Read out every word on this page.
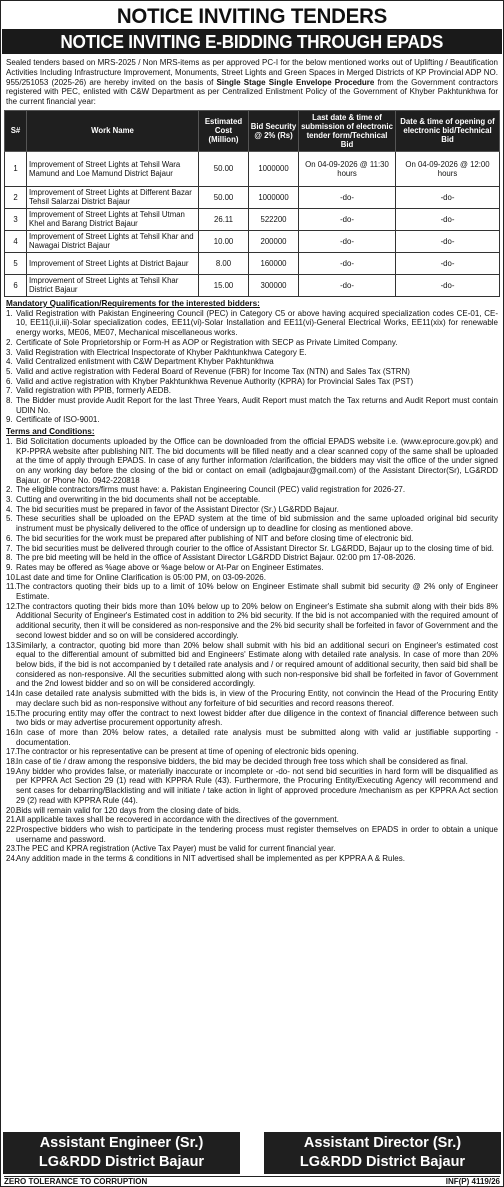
NOTICE INVITING TENDERS
NOTICE INVITING E-BIDDING THROUGH EPADS

Sealed tenders based on MRS-2025 / Non MRS-items as per approved PC-I for the below mentioned works out of Uplifting / Beautification Activities Including Infrastructure Improvement, Monuments, Street Lights and Green Spaces in Merged Districts of KP Provincial ADP NO. 955/251053 (2025-26) are hereby invited on the basis of Single Stage Single Envelope Procedure from the Government contractors registered with PEC, enlisted with C&W Department as per Centralized Enlistment Policy of the Government of Khyber Pakhtunkhwa for the current financial year:

S#	Work Name	Estimated Cost (Million)	Bid Security @ 2% (Rs)	Last date & time of submission of electronic tender form/Technical Bid	Date & time of opening of electronic bid/Technical Bid
1	Improvement of Street Lights at Tehsil Wara Mamund and Loe Mamund District Bajaur	50.00	1000000	On 04-09-2026 @ 11:30 hours	On 04-09-2026 @ 12:00 hours
2	Improvement of Street Lights at Different Bazar Tehsil Salarzai District Bajaur	50.00	1000000	-do-	-do-
3	Improvement of Street Lights at Tehsil Utman Khel and Barang District Bajaur	26.11	522200	-do-	-do-
4	Improvement of Street Lights at Tehsil Khar and Nawagai District Bajaur	10.00	200000	-do-	-do-
5	Improvement of Street Lights at District Bajaur	8.00	160000	-do-	-do-
6	Improvement of Street Lights at Tehsil Khar District Bajaur	15.00	300000	-do-	-do-
Mandatory Qualification/Requirements for the interested bidders:
1. Valid Registration with Pakistan Engineering Council (PEC) in Category C5 or above having acquired specialization codes CE-01, CE-10, EE11(i,ii,iii)-Solar specialization codes, EE11(vi)-Solar Installation and EE11(vi)-General Electrical Works, EE11(xix) for renewable energy works, ME06, ME07, Mechanical miscellaneous works.
2. Certificate of Sole Proprietorship or Form-H as AOP or Registration with SECP as Private Limited Company.
3. Valid Registration with Electrical Inspectorate of Khyber Pakhtunkhwa Category E.
4. Valid Centralized enlistment with C&W Department Khyber Pakhtunkhwa
5. Valid and active registration with Federal Board of Revenue (FBR) for Income Tax (NTN) and Sales Tax (STRN)
6. Valid and active registration with Khyber Pakhtunkhwa Revenue Authority (KPRA) for Provincial Sales Tax (PST)
7. Valid registration with PPIB, formerly AEDB.
8. The Bidder must provide Audit Report for the last Three Years, Audit Report must match the Tax returns and Audit Report must contain UDIN No.
9. Certificate of ISO-9001.
Terms and Conditions:
1. Bid Solicitation documents uploaded by the Office can be downloaded from the official EPADS website i.e. (www.eprocure.gov.pk) and KP-PPRA website after publishing NIT. The bid documents will be filled neatly and a clear scanned copy of the same shall be uploaded at the time of apply through EPADS. In case of any further information /clarification, the bidders may visit the office of the under signed on any working day before the closing of the bid or contact on email (adlgbajaur@gmail.com) of the Assistant Director(Sr), LG&RDD Bajaur. or Phone No. 0942-220818
2. The eligible contractors/firms must have: a. Pakistan Engineering Council (PEC) valid registration for 2026-27.
3. Cutting and overwriting in the bid documents shall not be acceptable.
4. The bid securities must be prepared in favor of the Assistant Director (Sr.) LG&RDD Bajaur.
5. These securities shall be uploaded on the EPAD system at the time of bid submission and the same uploaded original bid security instrument must be physically delivered to the office of undersign up to deadline for closing as mentioned above.
6. The bid securities for the work must be prepared after publishing of NIT and before closing time of electronic bid.
7. The bid securities must be delivered through courier to the office of Assistant Director Sr. LG&RDD, Bajaur up to the closing time of bid.
8. The pre bid meeting will be held in the office of Assistant Director LG&RDD District Bajaur. 02:00 pm 17-08-2026.
9. Rates may be offered as %age above or %age below or At-Par on Engineer Estimates.
10.
Last date and time for Online Clarification is 05:00 PM, on 03-09-2026.
11. The contractors quoting their bids up to a limit of 10% below on Engineer Estimate shall submit bid security @ 2% only of Engineer Estimate.
12.
The contractors quoting their bids more than 10% below up to 20% below on Engineer's Estimate sha submit along with their bids 8% Additional Security of Engineer's Estimated cost in addition to 2% bid security. If the bid is not accompanied with the required amount of additional security, then it will be considered as non-responsive and the 2% bid security shall be forfeited in favor of Government and the second lowest bidder and so on will be considered accordingly.
13.
Similarly, a contractor, quoting bid more than 20% below shall submit with his bid an additional securi on Engineer's estimated cost equal to the differential amount of submitted bid and Engineers' Estimate along with detailed rate analysis. In case of more than 20% below bids, if the bid is not accompanied by t detailed rate analysis and / or required amount of additional security, then said bid shall be considered as non-responsive. All the securities submitted along with such non-responsive bid shall be forfeited in favor of Government and the 2nd lowest bidder and so on will be considered accordingly.
14.
In case detailed rate analysis submitted with the bids is, in view of the Procuring Entity, not convincin the Head of the Procuring Entity may declare such bid as non-responsive without any forfeiture of bid securities and record reasons thereof.
15.
The procuring entity may offer the contract to next lowest bidder after due diligence in the context of financial difference between such two bids or may advertise procurement opportunity afresh.
16.
In case of more than 20% below rates, a detailed rate analysis must be submitted along with valid ar justifiable supporting - documentation.
17.
The contractor or his representative can be present at time of opening of electronic bids opening.
18.
In case of tie / draw among the responsive bidders, the bid may be decided through free toss which shall be considered as final.
19.
Any bidder who provides false, or materially inaccurate or incomplete or -do- not send bid securities in hard form will be disqualified as per KPPRA Act Section 29 (1) read with KPPRA Rule (43). Furthermore, the Procuring Entity/Executing Agency will recommend and sent cases for debarring/Blacklisting and will initiate / take action in light of approved procedure /mechanism as per KPPRA Act section 29 (2) read with KPPRA Rule (44).
20.
Bids will remain valid for 120 days from the closing date of bids.
21.
All applicable taxes shall be recovered in accordance with the directives of the government.
22.
Prospective bidders who wish to participate in the tendering process must register themselves on EPADS in order to obtain a unique username and password.
23.
The PEC and KPRA registration (Active Tax Payer) must be valid for current financial year.
24.
Any addition made in the terms & conditions in NIT advertised shall be implemented as per KPPRA A & Rules.
Assistant Engineer (Sr.)
LG&RDD District Bajaur
Assistant Director (Sr.)
LG&RDD District Bajaur
ZERO TOLERANCE TO CORRUPTION	INF(P) 4119/26
